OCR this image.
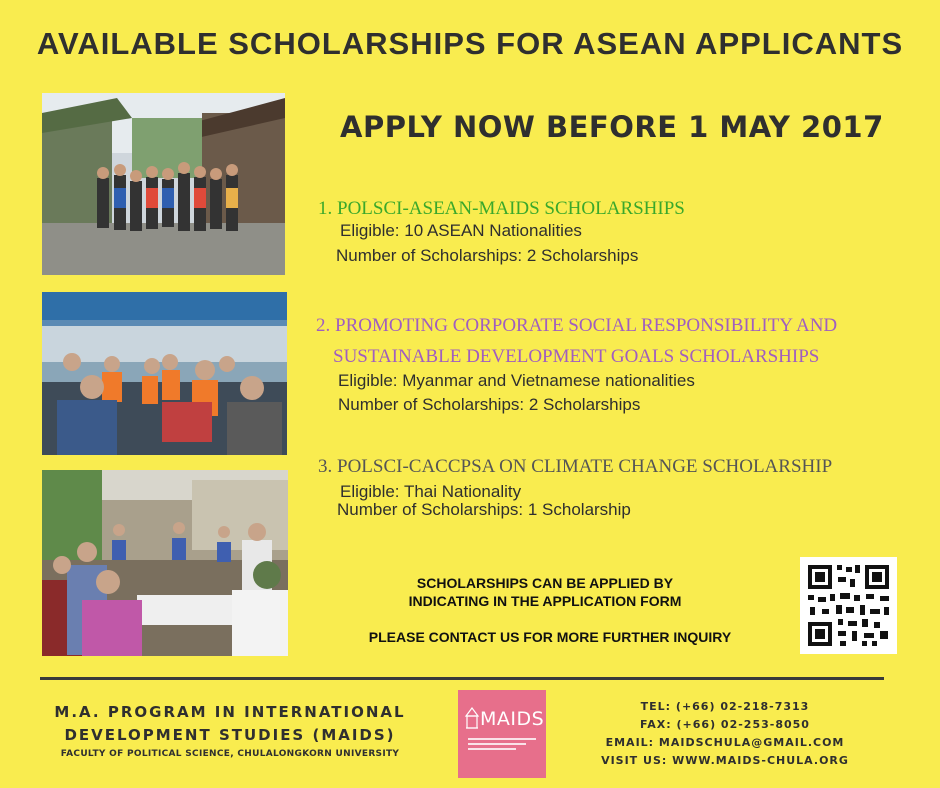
AVAILABLE SCHOLARSHIPS FOR ASEAN APPLICANTS
APPLY NOW BEFORE 1 MAY 2017
1. POLSCI-ASEAN-MAIDS SCHOLARSHIPS
Eligible: 10 ASEAN Nationalities
Number of Scholarships: 2 Scholarships
2. PROMOTING CORPORATE SOCIAL RESPONSIBILITY AND
SUSTAINABLE DEVELOPMENT GOALS SCHOLARSHIPS
Eligible: Myanmar and Vietnamese nationalities
Number of Scholarships: 2 Scholarships
3. POLSCI-CACCPSA ON CLIMATE CHANGE SCHOLARSHIP
Eligible: Thai Nationality
Number of Scholarships: 1 Scholarship
SCHOLARSHIPS CAN BE APPLIED BY
INDICATING IN THE APPLICATION FORM
PLEASE CONTACT US FOR MORE FURTHER INQUIRY
M.A. PROGRAM IN INTERNATIONAL
DEVELOPMENT STUDIES (MAIDS)
FACULTY OF POLITICAL SCIENCE, CHULALONGKORN UNIVERSITY
MAIDS
TEL: (+66) 02-218-7313
FAX: (+66) 02-253-8050
EMAIL: MAIDSCHULA@GMAIL.COM
VISIT US: WWW.MAIDS-CHULA.ORG
